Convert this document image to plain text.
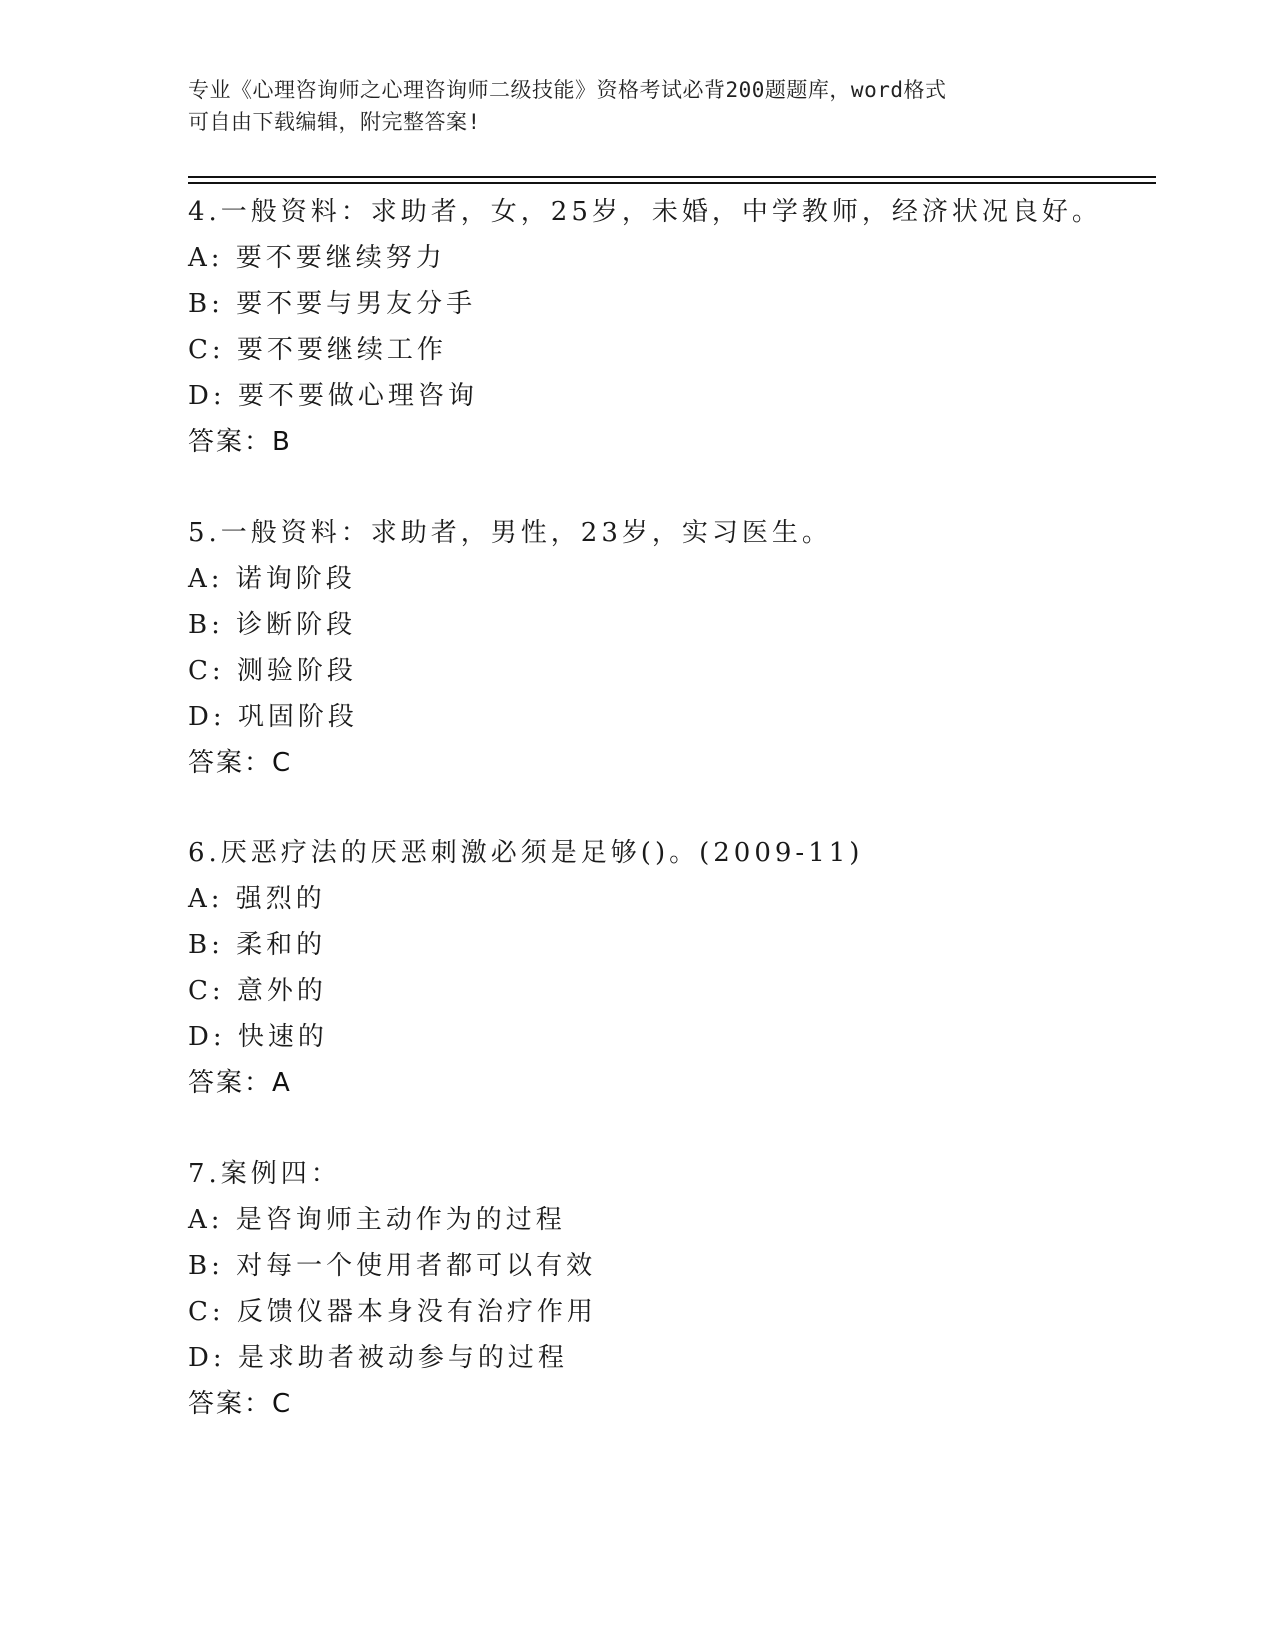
专业《心理咨询师之心理咨询师二级技能》资格考试必背200题题库，word格式

可自由下载编辑，附完整答案!

4.一般资料：求助者，女，25岁，未婚，中学教师，经济状况良好。
A: 要不要继续努力
B: 要不要与男友分手
C: 要不要继续工作
D: 要不要做心理咨询
答案：B
5.一般资料：求助者，男性，23岁，实习医生。
A: 诺询阶段
B: 诊断阶段
C: 测验阶段
D: 巩固阶段
答案：C
6.厌恶疗法的厌恶刺激必须是足够()。(2009-11)
A: 强烈的
B: 柔和的
C: 意外的
D: 快速的
答案：A
7.案例四：
A: 是咨询师主动作为的过程
B: 对每一个使用者都可以有效
C: 反馈仪器本身没有治疗作用
D: 是求助者被动参与的过程
答案：C
